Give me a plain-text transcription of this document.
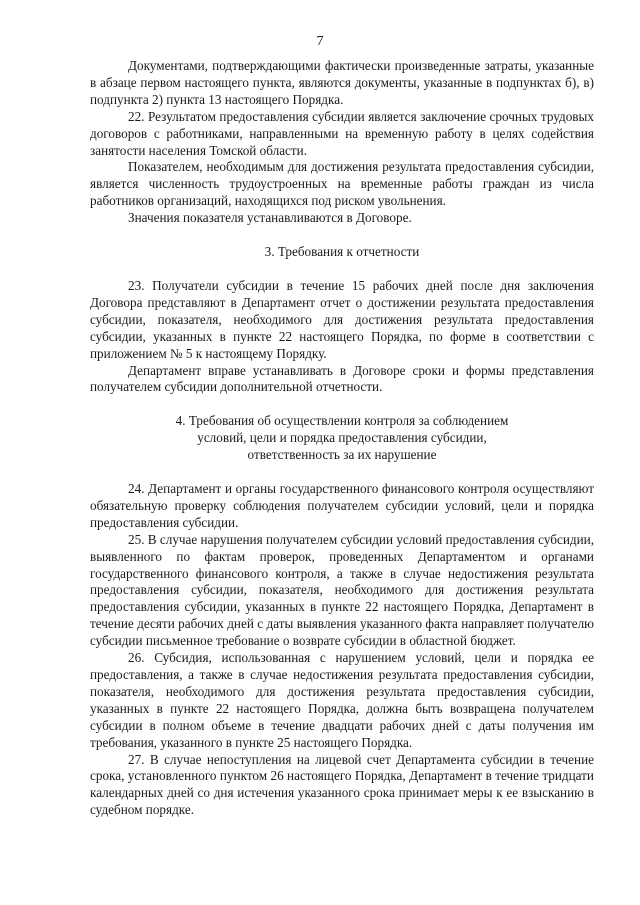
7

Документами, подтверждающими фактически произведенные затраты, указанные в абзаце первом настоящего пункта, являются документы, указанные в подпунктах б), в) подпункта 2) пункта 13 настоящего Порядка.

22. Результатом предоставления субсидии является заключение срочных трудовых договоров с работниками, направленными на временную работу в целях содействия занятости населения Томской области.

Показателем, необходимым для достижения результата предоставления субсидии, является численность трудоустроенных на временные работы граждан из числа работников организаций, находящихся под риском увольнения.

Значения показателя устанавливаются в Договоре.

3. Требования к отчетности

23. Получатели субсидии в течение 15 рабочих дней после дня заключения Договора представляют в Департамент отчет о достижении результата предоставления субсидии, показателя, необходимого для достижения результата предоставления субсидии, указанных в пункте 22 настоящего Порядка, по форме в соответствии с приложением № 5 к настоящему Порядку.

Департамент вправе устанавливать в Договоре сроки и формы представления получателем субсидии дополнительной отчетности.

4. Требования об осуществлении контроля за соблюдением

условий, цели и порядка предоставления субсидии,

ответственность за их нарушение

24. Департамент и органы государственного финансового контроля осуществляют обязательную проверку соблюдения получателем субсидии условий, цели и порядка предоставления субсидии.

25. В случае нарушения получателем субсидии условий предоставления субсидии, выявленного по фактам проверок, проведенных Департаментом и органами государственного финансового контроля, а также в случае недостижения результата предоставления субсидии, показателя, необходимого для достижения результата предоставления субсидии, указанных в пункте 22 настоящего Порядка, Департамент в течение десяти рабочих дней с даты выявления указанного факта направляет получателю субсидии письменное требование о возврате субсидии в областной бюджет.

26. Субсидия, использованная с нарушением условий, цели и порядка ее предоставления, а также в случае недостижения результата предоставления субсидии, показателя, необходимого для достижения результата предоставления субсидии, указанных в пункте 22 настоящего Порядка, должна быть возвращена получателем субсидии в полном объеме в течение двадцати рабочих дней с даты получения им требования, указанного в пункте 25 настоящего Порядка.

27. В случае непоступления на лицевой счет Департамента субсидии в течение срока, установленного пунктом 26 настоящего Порядка, Департамент в течение тридцати календарных дней со дня истечения указанного срока принимает меры к ее взысканию в судебном порядке.
